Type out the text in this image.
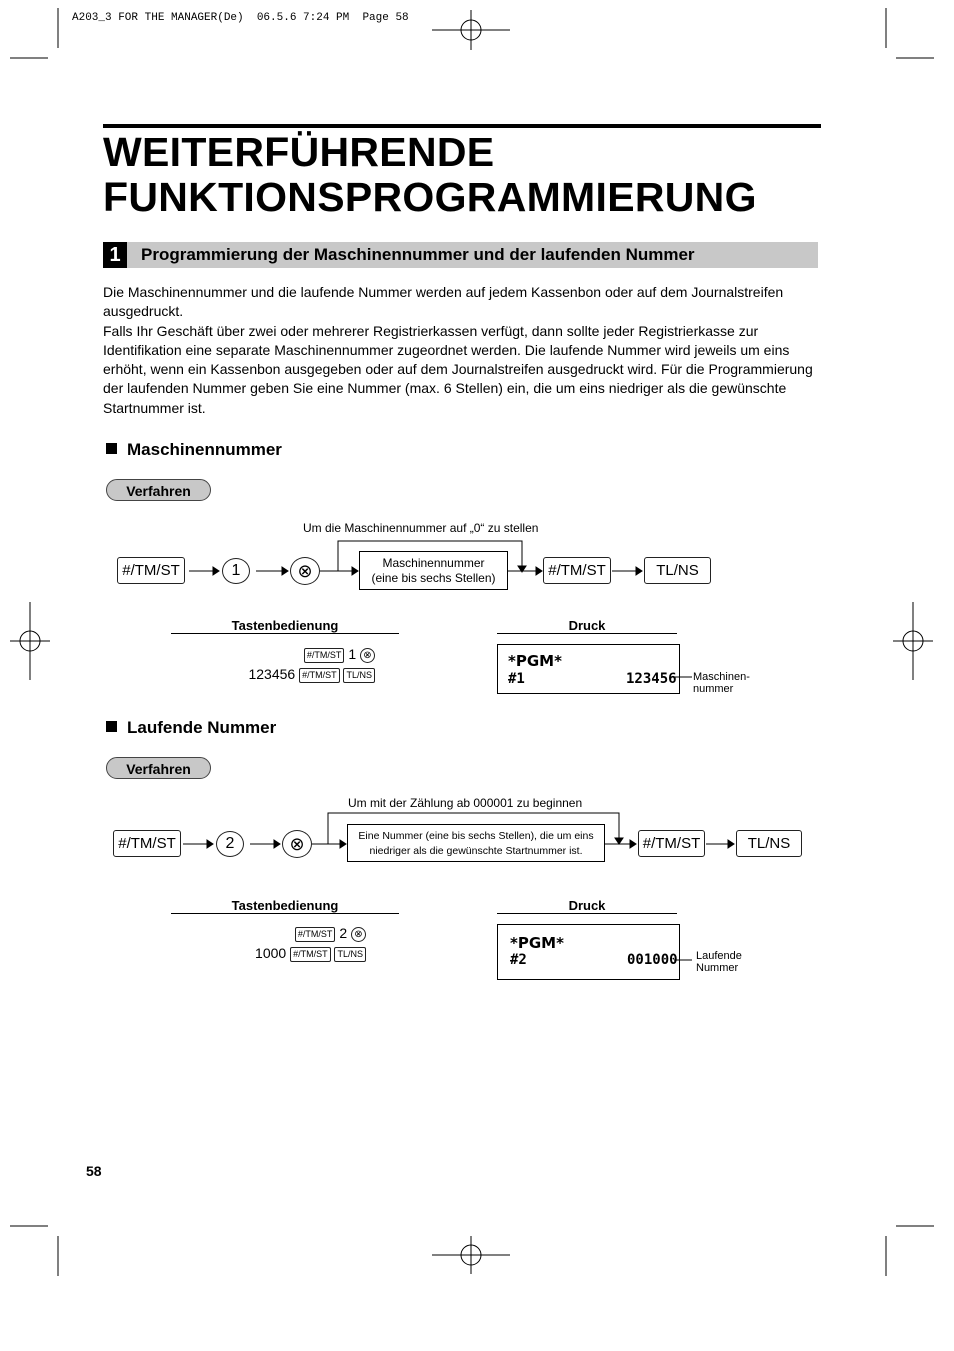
A203_3 FOR THE MANAGER(De)  06.5.6 7:24 PM  Page 58
WEITERFÜHRENDE
FUNKTIONSPROGRAMMIERUNG
1	Programmierung der Maschinennummer und der laufenden Nummer

Die Maschinennummer und die laufende Nummer werden auf jedem Kassenbon oder auf dem Journalstreifen ausgedruckt.

Falls Ihr Geschäft über zwei oder mehrerer Registrierkassen verfügt, dann sollte jeder Registrierkasse zur Identifikation eine separate Maschinennummer zugeordnet werden. Die laufende Nummer wird jeweils um eins erhöht, wenn ein Kassenbon ausgegeben oder auf dem Journalstreifen ausgedruckt wird. Für die Programmierung der laufenden Nummer geben Sie eine Nummer (max. 6 Stellen) ein, die um eins niedriger als die gewünschte Startnummer ist.

Maschinennummer
Verfahren
Um die Maschinennummer auf „0“ zu stellen
#/TM/ST	1	⊗	Maschinennummer
(eine bis sechs Stellen)	#/TM/ST	TL/NS
Tastenbedienung	Druck
#/TM/ST 1 ⊗
123456 #/TM/ST TL/NS
*PGM*
#1	123456 Maschinen-
nummer
Laufende Nummer
Verfahren
Um mit der Zählung ab 000001 zu beginnen
#/TM/ST	2	⊗	Eine Nummer (eine bis sechs Stellen), die um eins
niedriger als die gewünschte Startnummer ist.	#/TM/ST	TL/NS
Tastenbedienung	Druck
#/TM/ST 2 ⊗
1000 #/TM/ST TL/NS
*PGM*
#2	001000 Laufende
Nummer
58
